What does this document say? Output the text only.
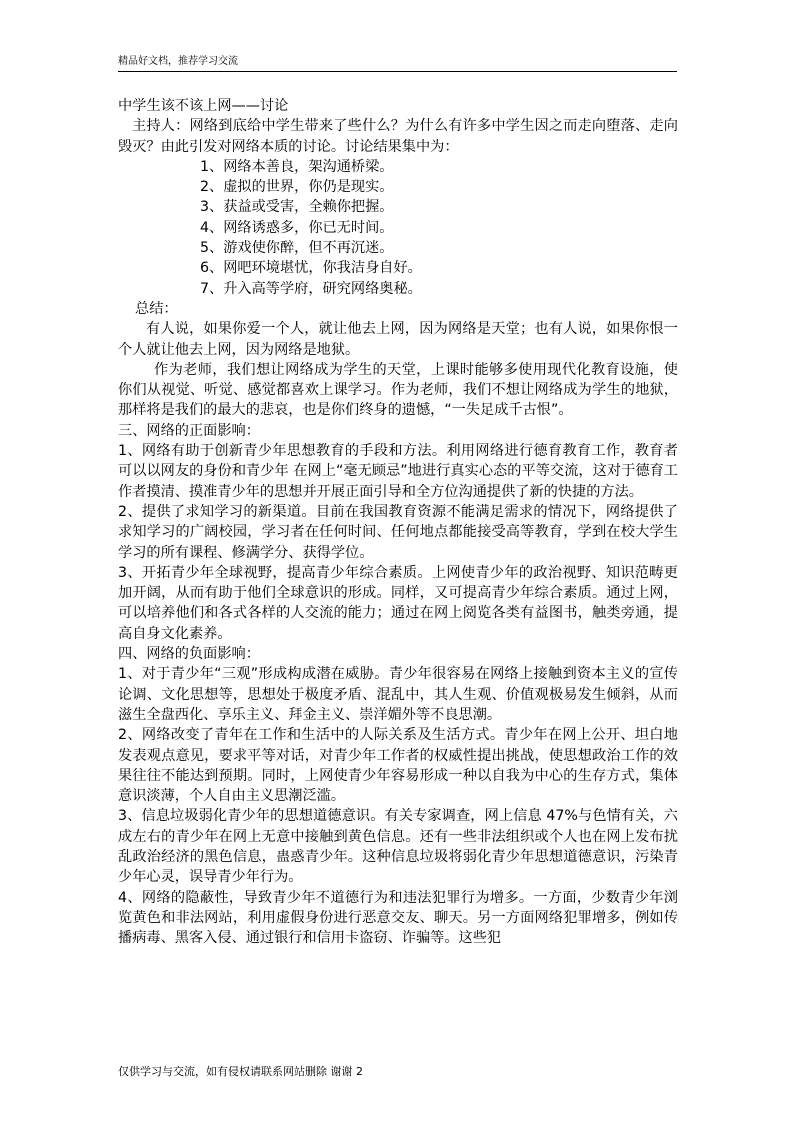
精品好文档，推荐学习交流

中学生该不该上网——讨论

主持人：网络到底给中学生带来了些什么？为什么有许多中学生因之而走向堕落、走向毁灭？由此引发对网络本质的讨论。讨论结果集中为：

1、网络本善良，架沟通桥梁。

2、虚拟的世界，你仍是现实。

3、获益或受害，全赖你把握。

4、网络诱惑多，你已无时间。

5、游戏使你醉，但不再沉迷。

6、网吧环境堪忧，你我洁身自好。

7、升入高等学府，研究网络奥秘。

总结：

有人说，如果你爱一个人，就让他去上网，因为网络是天堂；也有人说，如果你恨一个人就让他去上网，因为网络是地狱。

作为老师，我们想让网络成为学生的天堂，上课时能够多使用现代化教育设施，使你们从视觉、听觉、感觉都喜欢上课学习。作为老师，我们不想让网络成为学生的地狱，那样将是我们的最大的悲哀，也是你们终身的遗憾，“一失足成千古恨”。

三、网络的正面影响：

1、网络有助于创新青少年思想教育的手段和方法。利用网络进行德育教育工作，教育者可以以网友的身份和青少年 在网上“毫无顾忌”地进行真实心态的平等交流，这对于德育工作者摸清、摸准青少年的思想并开展正面引导和全方位沟通提供了新的快捷的方法。

2、提供了求知学习的新渠道。目前在我国教育资源不能满足需求的情况下，网络提供了求知学习的广阔校园，学习者在任何时间、任何地点都能接受高等教育，学到在校大学生学习的所有课程、修满学分、获得学位。

3、开拓青少年全球视野，提高青少年综合素质。上网使青少年的政治视野、知识范畴更加开阔，从而有助于他们全球意识的形成。同样，又可提高青少年综合素质。通过上网，可以培养他们和各式各样的人交流的能力；通过在网上阅览各类有益图书，触类旁通，提高自身文化素养。

四、网络的负面影响：

1、对于青少年“三观”形成构成潜在威胁。青少年很容易在网络上接触到资本主义的宣传论调、文化思想等，思想处于极度矛盾、混乱中，其人生观、价值观极易发生倾斜，从而滋生全盘西化、享乐主义、拜金主义、崇洋媚外等不良思潮。

2、网络改变了青年在工作和生活中的人际关系及生活方式。青少年在网上公开、坦白地发表观点意见，要求平等对话，对青少年工作者的权威性提出挑战，使思想政治工作的效果往往不能达到预期。同时，上网使青少年容易形成一种以自我为中心的生存方式，集体意识淡薄，个人自由主义思潮泛滥。

3、信息垃圾弱化青少年的思想道德意识。有关专家调查，网上信息 47%与色情有关，六成左右的青少年在网上无意中接触到黄色信息。还有一些非法组织或个人也在网上发布扰乱政治经济的黑色信息，蛊惑青少年。这种信息垃圾将弱化青少年思想道德意识，污染青少年心灵，误导青少年行为。

4、网络的隐蔽性，导致青少年不道德行为和违法犯罪行为增多。一方面，少数青少年浏览黄色和非法网站，利用虚假身份进行恶意交友、聊天。另一方面网络犯罪增多，例如传播病毒、黑客入侵、通过银行和信用卡盗窃、诈骗等。这些犯

仅供学习与交流，如有侵权请联系网站删除 谢谢 2
